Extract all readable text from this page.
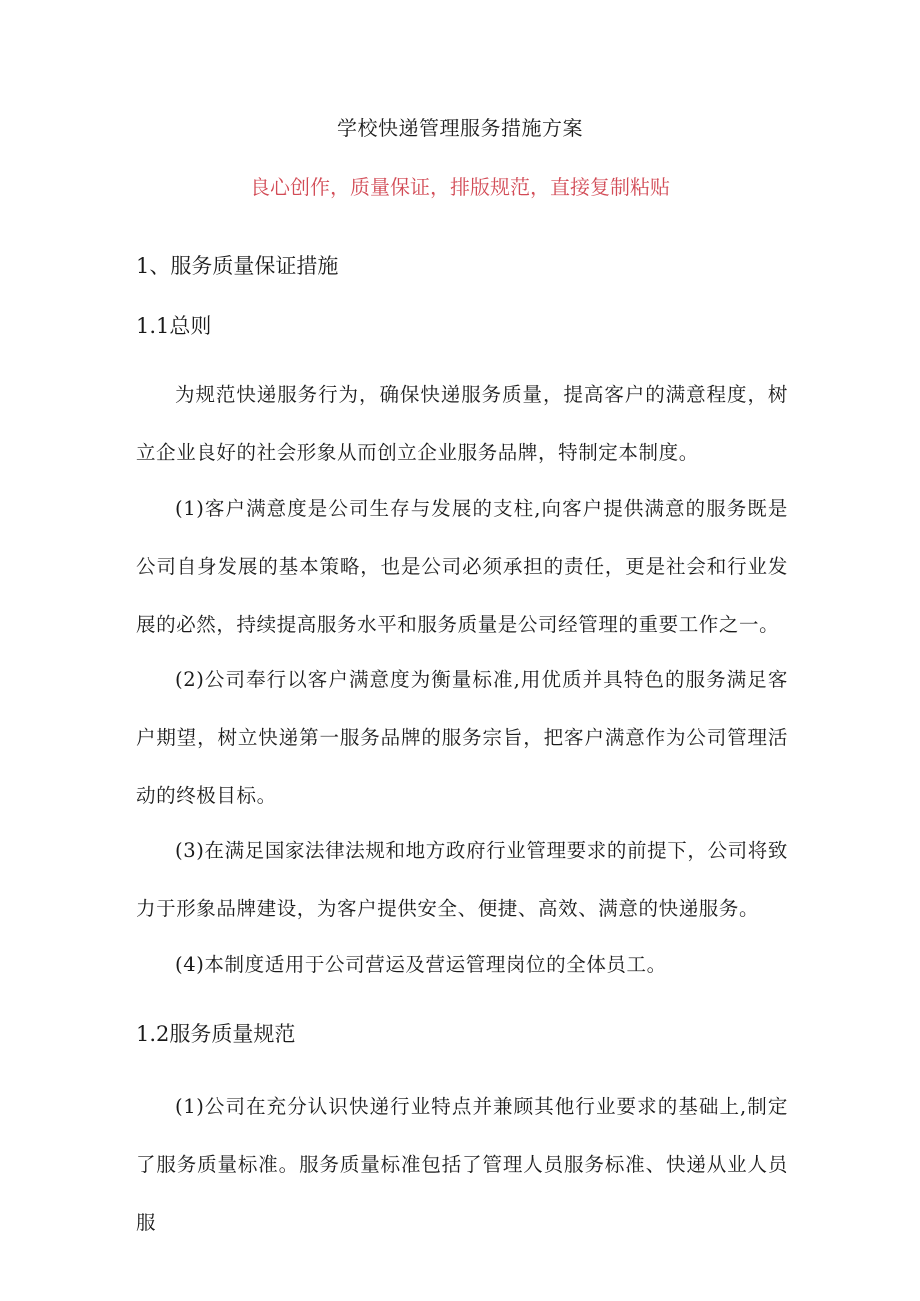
学校快递管理服务措施方案
良心创作，质量保证，排版规范，直接复制粘贴
1、服务质量保证措施
1.1总则

为规范快递服务行为，确保快递服务质量，提高客户的满意程度，树立企业良好的社会形象从而创立企业服务品牌，特制定本制度。

(1)客户满意度是公司生存与发展的支柱,向客户提供满意的服务既是公司自身发展的基本策略，也是公司必须承担的责任，更是社会和行业发展的必然，持续提高服务水平和服务质量是公司经管理的重要工作之一。

(2)公司奉行以客户满意度为衡量标准,用优质并具特色的服务满足客户期望，树立快递第一服务品牌的服务宗旨，把客户满意作为公司管理活动的终极目标。

(3)在满足国家法律法规和地方政府行业管理要求的前提下，公司将致力于形象品牌建设，为客户提供安全、便捷、高效、满意的快递服务。

(4)本制度适用于公司营运及营运管理岗位的全体员工。

1.2服务质量规范

(1)公司在充分认识快递行业特点并兼顾其他行业要求的基础上,制定了服务质量标准。服务质量标准包括了管理人员服务标准、快递从业人员服
